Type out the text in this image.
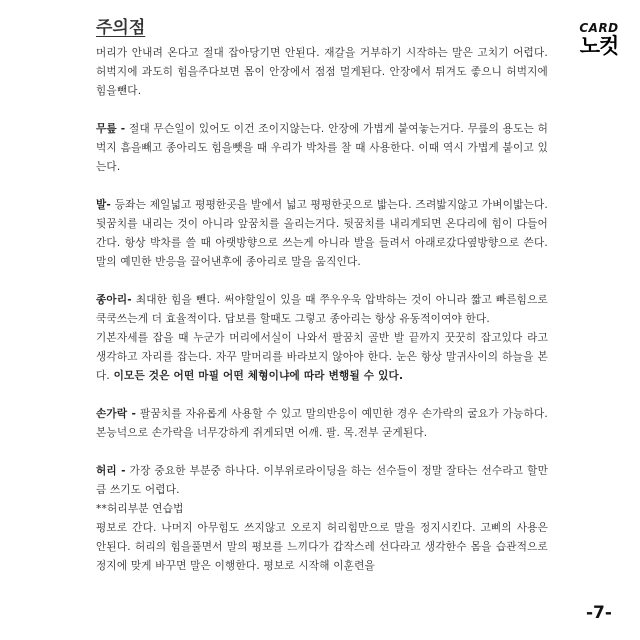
CARD
노컷
주의점

머리가 안내려 온다고 절대 잡아당기면 안된다. 재갈을 거부하기 시작하는 말은 고치기 어렵다.허벅지에 과도히 힘을주다보면 몸이 안장에서 점점 멀게된다. 안장에서 튀겨도 좋으니 허벅지에 힘을뺀다.

무릎 - 절대 무슨일이 있어도 이건 조이지않는다. 안장에 가볍게 붙여놓는거다. 무릎의 용도는 허벅지 흠을빼고 종아리도 힘을뺏을 때 우리가 박차를 찰 때 사용한다. 이때 역시 가볍게 붙이고 있는다.

발- 등좌는 제일넓고 평평한곳을 발에서 넓고 평평한곳으로 밟는다. 즈려밟지않고 가벼이밟는다. 뒷꿈치를 내리는 것이 아니라 앞꿈치를 올리는거다. 뒷꿈치를 내리게되면 온다리에 힘이 다들어간다. 항상 박차를 쓸 때 아랫방향으로 쓰는게 아니라 발을 들려서 아래로갔다옆방향으로 쓴다. 말의 예민한 반응을 끌어낸후에 종아리로 말을 움직인다.

종아리- 최대한 힘을 뺀다. 써야할일이 있을 때 쭈우우욱 압박하는 것이 아니라 짧고 빠른힘으로 쿡쿡쓰는게 더 효율적이다. 답보를 할때도 그렇고 종아리는 항상 유동적이여야 한다.

기본자세를 잡을 때 누군가 머리에서실이 나와서 팔꿈치 골반 발 끝까지 꿋꿋히 잡고있다 라고 생각하고 자리를 잡는다. 자꾸 말머리를 바라보지 않아야 한다. 눈은 항상 말귀사이의 하늘을 본다. 이모든 것은 어떤 마필 어떤 체형이냐에 따라 변행될 수 있다.

손가락 - 팔꿈치를 자유롭게 사용할 수 있고 말의반응이 예민한 경우 손가락의 굴요가 가능하다. 본능넉으로 손가락을 너무강하게 쥐게되면 어깨. 팔. 목.전부 굳게된다.

허리 - 가장 중요한 부분중 하나다. 이부위로라이딩을 하는 선수들이 정말 잘타는 선수라고 할만큼 쓰기도 어렵다.

**허리부분 연습법

평보로 간다. 나머지 아무힘도 쓰지않고 오로지 허리힘만으로 말을 정지시킨다. 고삐의 사용은 안된다. 허리의 힘을풀면서 말의 평보를 느끼다가 갑작스레 선다라고 생각한수 몸을 습관적으로 정지에 맞게 바꾸면 말은 이행한다. 평보로 시작해 이훈련을

-7-
